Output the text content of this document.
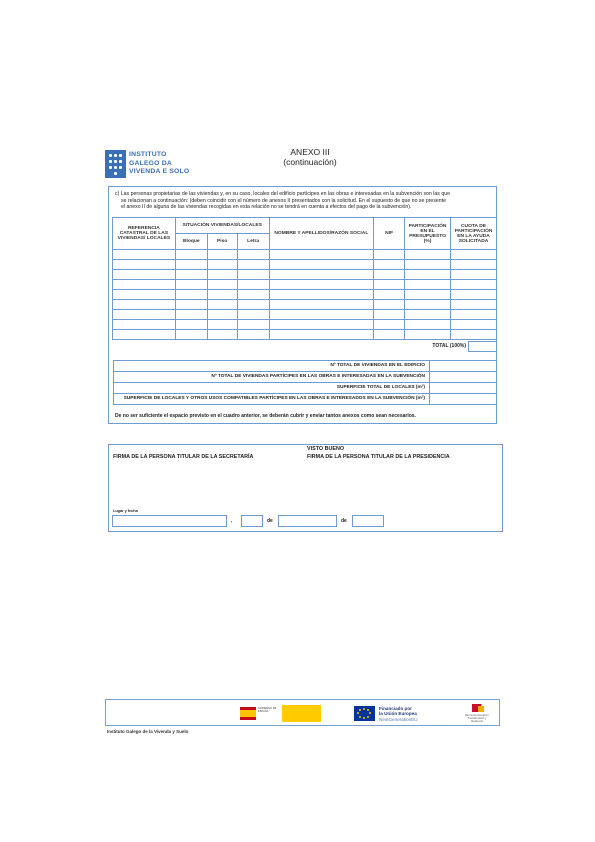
INSTITUTO
GALEGO DA
VIVENDA E SOLO
ANEXO III
(continuación)
c) Las personas propietarias de las viviendas y, en su caso, locales del edificio partícipes en las obras e interesadas en la subvención son las que
se relacionan a continuación: (deben coincidir con el número de anexos II presentados con la solicitud. En el supuesto de que no se presente
el anexo II de alguna de las viviendas recogidas en esta relación no se tendrá en cuenta a efectos del pago de la subvención).
REFERENCIA CATASTRAL DE LAS VIVIENDAS/ LOCALES	SITUACIÓN VIVIENDAS/LOCALES			NOMBRE Y APELLIDOS/RAZÓN SOCIAL	NIF	PARTICIPACIÓN EN EL PRESUPUESTO (%)	CUOTA DE PARTICIPACIÓN EN LA AYUDA SOLICITADA
	Bloque	Piso	Letra				

TOTAL (100%)
Nº TOTAL DE VIVIENDAS EN EL EDIFICIO
Nº TOTAL DE VIVIENDAS PARTÍCIPES EN LAS OBRAS E INTERESADAS EN LA SUBVENCIÓN
SUPERFICIE TOTAL DE LOCALES (m²)
SUPERFICIE DE LOCALES Y OTROS USOS COMPATIBLES PARTÍCIPES EN LAS OBRAS E INTERESADOS EN LA SUBVENCIÓN (m²)
De no ser suficiente el espacio previsto en el cuadro anterior, se deberán cubrir y enviar tantos anexos como sean necesarios.
FIRMA DE LA PERSONA TITULAR DE LA SECRETARÍA
VISTO BUENO
FIRMA DE LA PERSONA TITULAR DE LA PRESIDENCIA
Lugar y fecha
,	de	de
GOBIERNO DE ESPAÑA
Financiado por
la Unión Europea
NextGenerationEU
Plan de Recuperación, Transformación y Resiliencia
Instituto Galego de la Vivenda y Suelo
